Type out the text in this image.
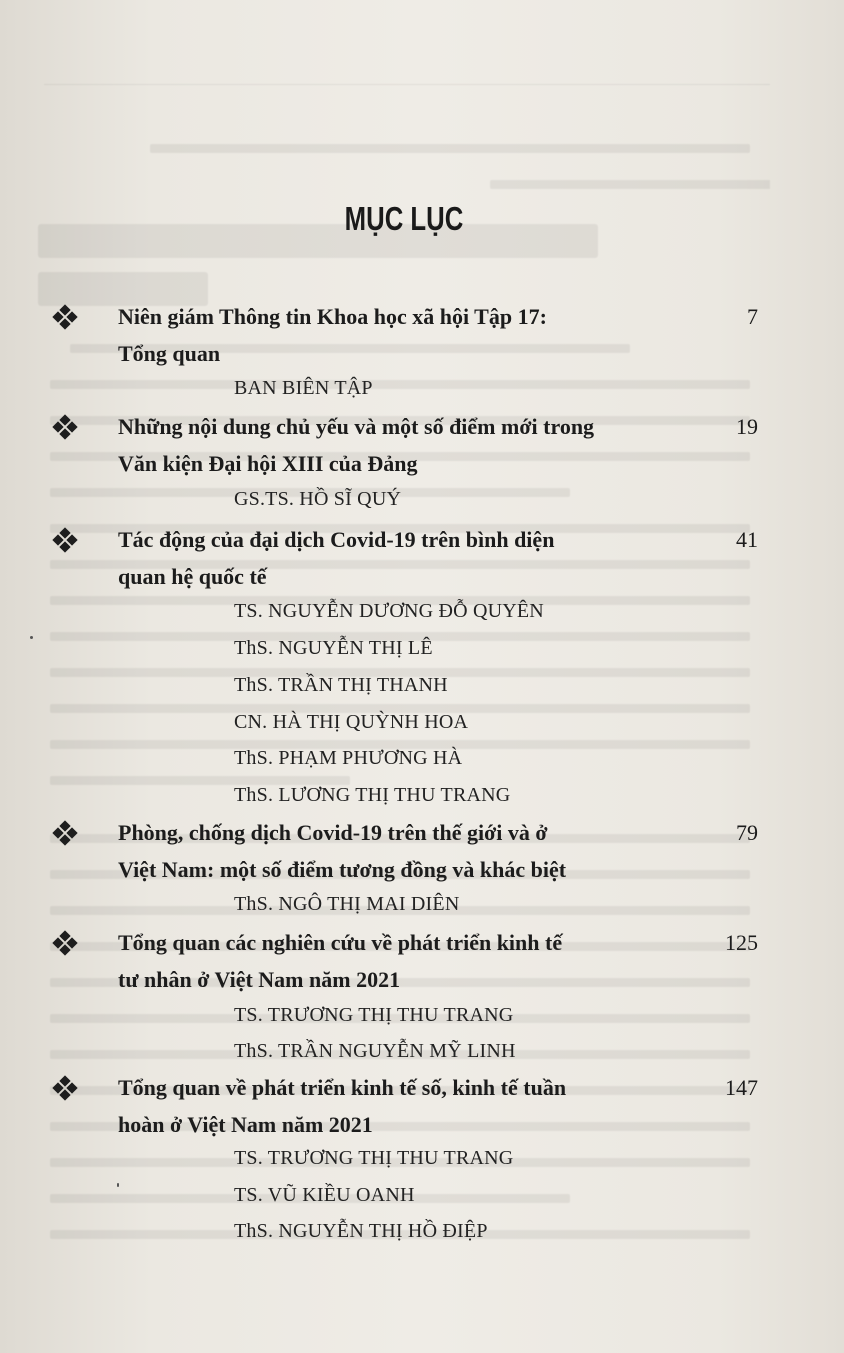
MỤC LỤC
Niên giám Thông tin Khoa học xã hội Tập 17:
Tổng quan
7
BAN BIÊN TẬP
Những nội dung chủ yếu và một số điểm mới trong
Văn kiện Đại hội XIII của Đảng
19
GS.TS. HỒ SĨ QUÝ
Tác động của đại dịch Covid-19 trên bình diện
quan hệ quốc tế
41
TS. NGUYỄN DƯƠNG ĐỖ QUYÊN
ThS. NGUYỄN THỊ LÊ
ThS. TRẦN THỊ THANH
CN. HÀ THỊ QUỲNH HOA
ThS. PHẠM PHƯƠNG HÀ
ThS. LƯƠNG THỊ THU TRANG
Phòng, chống dịch Covid-19 trên thế giới và ở
Việt Nam: một số điểm tương đồng và khác biệt
79
ThS. NGÔ THỊ MAI DIÊN
Tổng quan các nghiên cứu về phát triển kinh tế
tư nhân ở Việt Nam năm 2021
125
TS. TRƯƠNG THỊ THU TRANG
ThS. TRẦN NGUYỄN MỸ LINH
Tổng quan về phát triển kinh tế số, kinh tế tuần
hoàn ở Việt Nam năm 2021
147
TS. TRƯƠNG THỊ THU TRANG
TS. VŨ KIỀU OANH
ThS. NGUYỄN THỊ HỒ ĐIỆP
